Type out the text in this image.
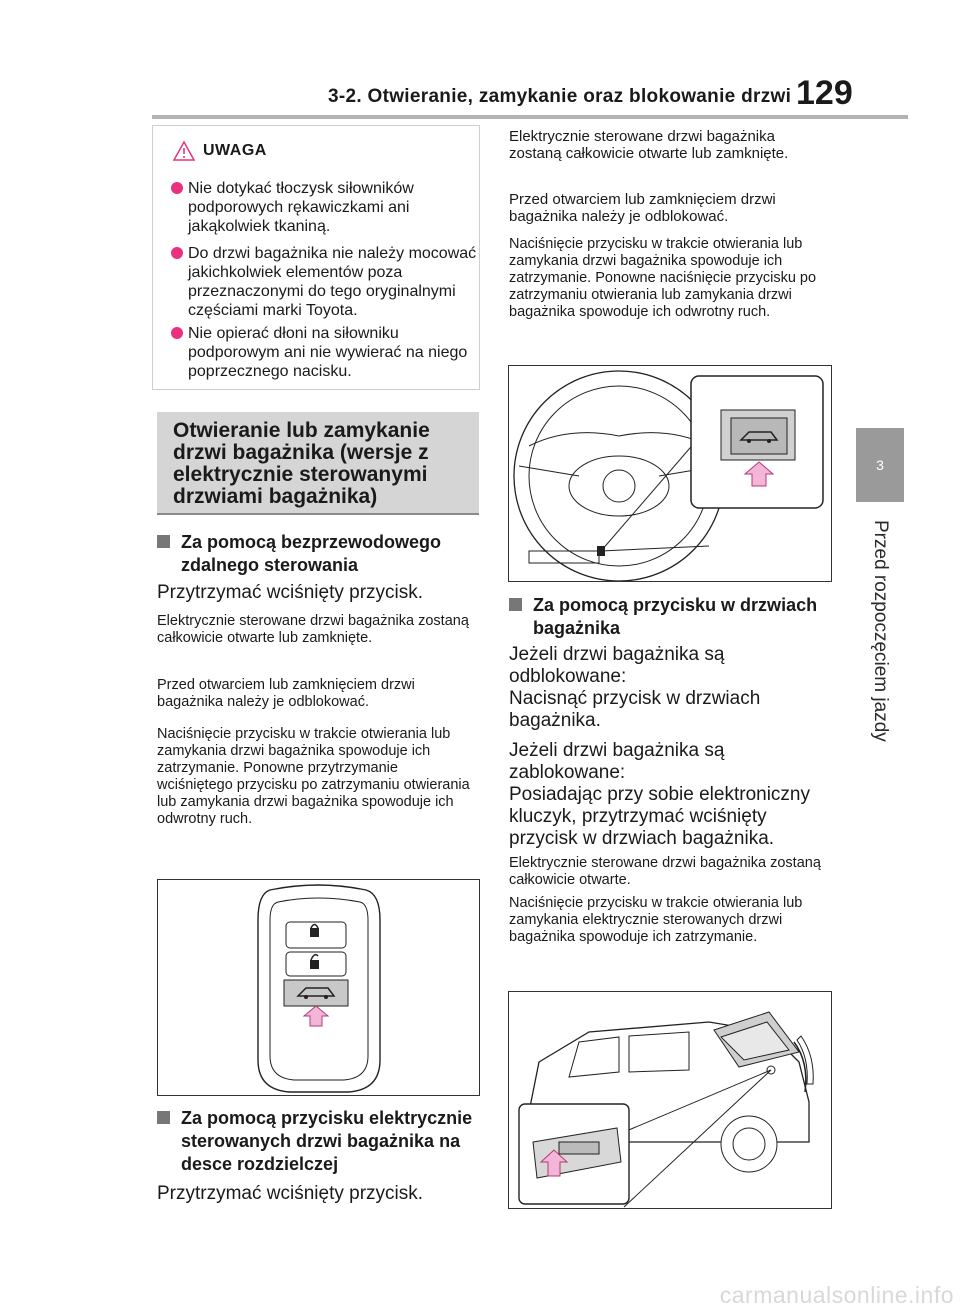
3-2. Otwieranie, zamykanie oraz blokowanie drzwi 129
3
Przed rozpoczęciem jazdy
UWAGA
Nie dotykać tłoczysk siłowników podporowych rękawiczkami ani jakąkolwiek tkaniną.
Do drzwi bagażnika nie należy mocować jakichkolwiek elementów poza przeznaczonymi do tego oryginalnymi częściami marki Toyota.
Nie opierać dłoni na siłowniku podporowym ani nie wywierać na niego poprzecznego nacisku.
Otwieranie lub zamykanie drzwi bagażnika (wersje z elektrycznie sterowanymi drzwiami bagażnika)
Za pomocą bezprzewodowego zdalnego sterowania
Przytrzymać wciśnięty przycisk.
Elektrycznie sterowane drzwi bagażnika zostaną całkowicie otwarte lub zamknięte.
Przed otwarciem lub zamknięciem drzwi bagażnika należy je odblokować.
Naciśnięcie przycisku w trakcie otwierania lub zamykania drzwi bagażnika spowoduje ich zatrzymanie. Ponowne przytrzymanie wciśniętego przycisku po zatrzymaniu otwierania lub zamykania drzwi bagażnika spowoduje ich odwrotny ruch.
Za pomocą przycisku elektrycznie sterowanych drzwi bagażnika na desce rozdzielczej
Przytrzymać wciśnięty przycisk.
Elektrycznie sterowane drzwi bagażnika zostaną całkowicie otwarte lub zamknięte.
Przed otwarciem lub zamknięciem drzwi bagażnika należy je odblokować.
Naciśnięcie przycisku w trakcie otwierania lub zamykania drzwi bagażnika spowoduje ich zatrzymanie. Ponowne naciśnięcie przycisku po zatrzymaniu otwierania lub zamykania drzwi bagażnika spowoduje ich odwrotny ruch.
Za pomocą przycisku w drzwiach bagażnika
Jeżeli drzwi bagażnika są odblokowane:
Nacisnąć przycisk w drzwiach bagażnika.
Jeżeli drzwi bagażnika są zablokowane:
Posiadając przy sobie elektroniczny kluczyk, przytrzymać wciśnięty przycisk w drzwiach bagażnika.
Elektrycznie sterowane drzwi bagażnika zostaną całkowicie otwarte.
Naciśnięcie przycisku w trakcie otwierania lub zamykania elektrycznie sterowanych drzwi bagażnika spowoduje ich zatrzymanie.
carmanualsonline.info
